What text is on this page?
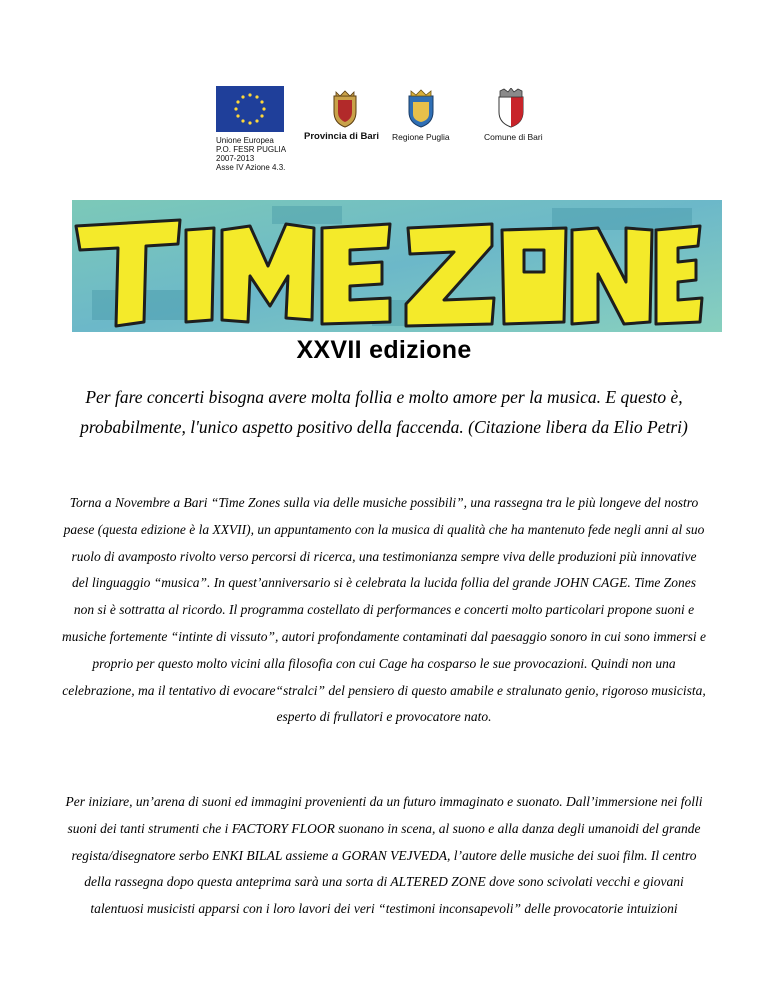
Unione Europea
P.O. FESR PUGLIA
2007-2013
Asse IV Azione 4.3.
Provincia di Bari Regione Puglia	Comune di Bari
XXVII edizione
Per fare concerti bisogna avere molta follia e molto amore per la musica. E questo è, probabilmente, l'unico aspetto positivo della faccenda. (Citazione libera da Elio Petri)
Torna a Novembre a Bari “Time Zones sulla via delle musiche possibili”, una rassegna tra le più longeve del nostro paese (questa edizione è la XXVII), un appuntamento con la musica di qualità che ha mantenuto fede negli anni al suo ruolo di avamposto rivolto verso percorsi di ricerca, una testimonianza sempre viva delle produzioni più innovative del linguaggio “musica”. In quest’anniversario si è celebrata la lucida follia del grande JOHN CAGE. Time Zones non si è sottratta al ricordo. Il programma costellato di performances e concerti molto particolari propone suoni e musiche fortemente “intinte di vissuto”, autori profondamente contaminati dal paesaggio sonoro in cui sono immersi e proprio per questo molto vicini alla filosofia con cui Cage ha cosparso le sue provocazioni. Quindi non una celebrazione, ma il tentativo di evocare“stralci” del pensiero di questo amabile e stralunato genio, rigoroso musicista, esperto di frullatori e provocatore nato.
Per iniziare, un’arena di suoni ed immagini provenienti da un futuro immaginato e suonato. Dall’immersione nei folli suoni dei tanti strumenti che i FACTORY FLOOR suonano in scena, al suono e alla danza degli umanoidi del grande regista/disegnatore serbo ENKI BILAL assieme a GORAN VEJVEDA, l’autore delle musiche dei suoi film. Il centro della rassegna dopo questa anteprima sarà una sorta di ALTERED ZONE dove sono scivolati vecchi e giovani talentuosi musicisti apparsi con i loro lavori dei veri “testimoni inconsapevoli” delle provocatorie intuizioni
